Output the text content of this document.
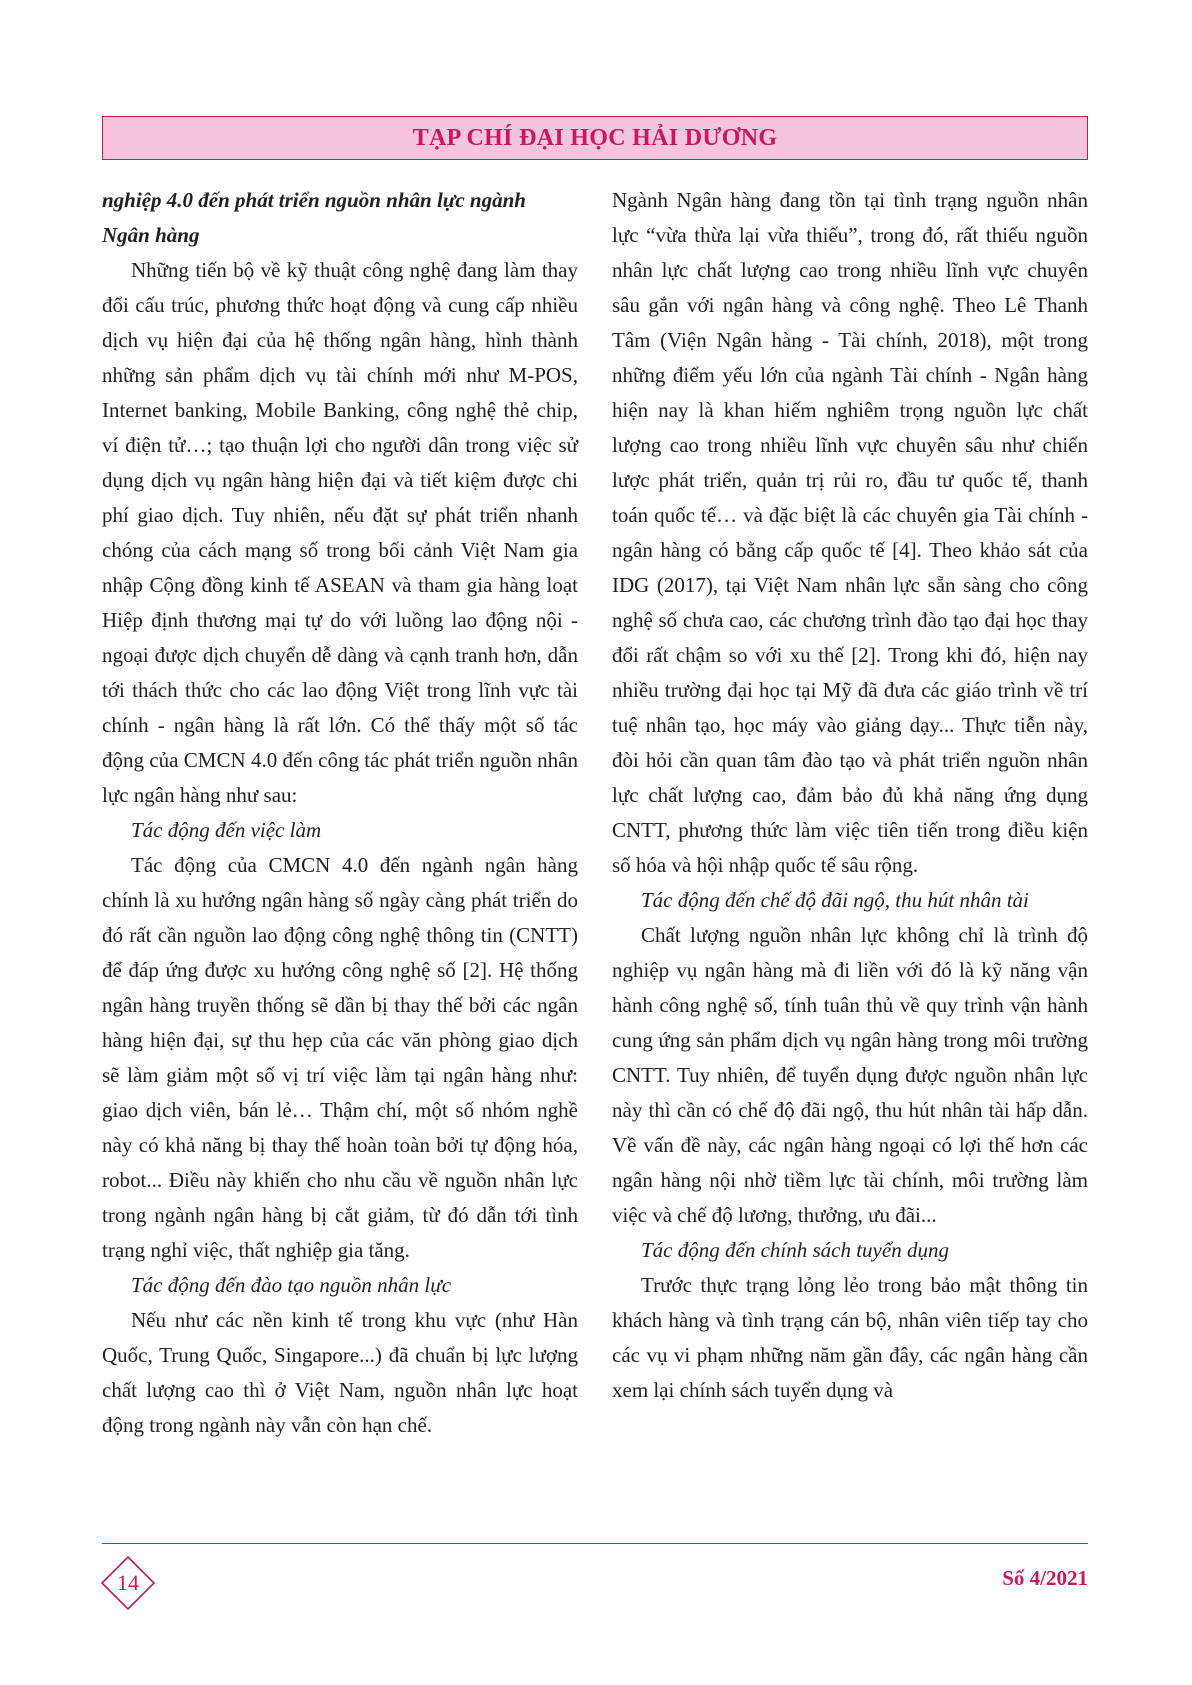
TẠP CHÍ ĐẠI HỌC HẢI DƯƠNG

nghiệp 4.0 đến phát triển nguồn nhân lực ngành Ngân hàng

Những tiến bộ về kỹ thuật công nghệ đang làm thay đổi cấu trúc, phương thức hoạt động và cung cấp nhiều dịch vụ hiện đại của hệ thống ngân hàng, hình thành những sản phẩm dịch vụ tài chính mới như M-POS, Internet banking, Mobile Banking, công nghệ thẻ chip, ví điện tử…; tạo thuận lợi cho người dân trong việc sử dụng dịch vụ ngân hàng hiện đại và tiết kiệm được chi phí giao dịch. Tuy nhiên, nếu đặt sự phát triển nhanh chóng của cách mạng số trong bối cảnh Việt Nam gia nhập Cộng đồng kinh tế ASEAN và tham gia hàng loạt Hiệp định thương mại tự do với luồng lao động nội - ngoại được dịch chuyển dễ dàng và cạnh tranh hơn, dẫn tới thách thức cho các lao động Việt trong lĩnh vực tài chính - ngân hàng là rất lớn. Có thể thấy một số tác động của CMCN 4.0 đến công tác phát triển nguồn nhân lực ngân hàng như sau:

Tác động đến việc làm

Tác động của CMCN 4.0 đến ngành ngân hàng chính là xu hướng ngân hàng số ngày càng phát triển do đó rất cần nguồn lao động công nghệ thông tin (CNTT) để đáp ứng được xu hướng công nghệ số [2]. Hệ thống ngân hàng truyền thống sẽ dần bị thay thế bởi các ngân hàng hiện đại, sự thu hẹp của các văn phòng giao dịch sẽ làm giảm một số vị trí việc làm tại ngân hàng như: giao dịch viên, bán lẻ… Thậm chí, một số nhóm nghề này có khả năng bị thay thế hoàn toàn bởi tự động hóa, robot... Điều này khiến cho nhu cầu về nguồn nhân lực trong ngành ngân hàng bị cắt giảm, từ đó dẫn tới tình trạng nghỉ việc, thất nghiệp gia tăng.

Tác động đến đào tạo nguồn nhân lực

Nếu như các nền kinh tế trong khu vực (như Hàn Quốc, Trung Quốc, Singapore...) đã chuẩn bị lực lượng chất lượng cao thì ở Việt Nam, nguồn nhân lực hoạt động trong ngành này vẫn còn hạn chế.

Ngành Ngân hàng đang tồn tại tình trạng nguồn nhân lực “vừa thừa lại vừa thiếu”, trong đó, rất thiếu nguồn nhân lực chất lượng cao trong nhiều lĩnh vực chuyên sâu gắn với ngân hàng và công nghệ. Theo Lê Thanh Tâm (Viện Ngân hàng - Tài chính, 2018), một trong những điểm yếu lớn của ngành Tài chính - Ngân hàng hiện nay là khan hiếm nghiêm trọng nguồn lực chất lượng cao trong nhiều lĩnh vực chuyên sâu như chiến lược phát triển, quản trị rủi ro, đầu tư quốc tế, thanh toán quốc tế… và đặc biệt là các chuyên gia Tài chính - ngân hàng có bằng cấp quốc tế [4]. Theo khảo sát của IDG (2017), tại Việt Nam nhân lực sẵn sàng cho công nghệ số chưa cao, các chương trình đào tạo đại học thay đổi rất chậm so với xu thế [2]. Trong khi đó, hiện nay nhiều trường đại học tại Mỹ đã đưa các giáo trình về trí tuệ nhân tạo, học máy vào giảng dạy... Thực tiễn này, đòi hỏi cần quan tâm đào tạo và phát triển nguồn nhân lực chất lượng cao, đảm bảo đủ khả năng ứng dụng CNTT, phương thức làm việc tiên tiến trong điều kiện số hóa và hội nhập quốc tế sâu rộng.

Tác động đến chế độ đãi ngộ, thu hút nhân tài

Chất lượng nguồn nhân lực không chỉ là trình độ nghiệp vụ ngân hàng mà đi liền với đó là kỹ năng vận hành công nghệ số, tính tuân thủ về quy trình vận hành cung ứng sản phẩm dịch vụ ngân hàng trong môi trường CNTT. Tuy nhiên, để tuyển dụng được nguồn nhân lực này thì cần có chế độ đãi ngộ, thu hút nhân tài hấp dẫn. Về vấn đề này, các ngân hàng ngoại có lợi thế hơn các ngân hàng nội nhờ tiềm lực tài chính, môi trường làm việc và chế độ lương, thưởng, ưu đãi...

Tác động đến chính sách tuyển dụng

Trước thực trạng lỏng lẻo trong bảo mật thông tin khách hàng và tình trạng cán bộ, nhân viên tiếp tay cho các vụ vi phạm những năm gần đây, các ngân hàng cần xem lại chính sách tuyển dụng và

14	Số 4/2021
